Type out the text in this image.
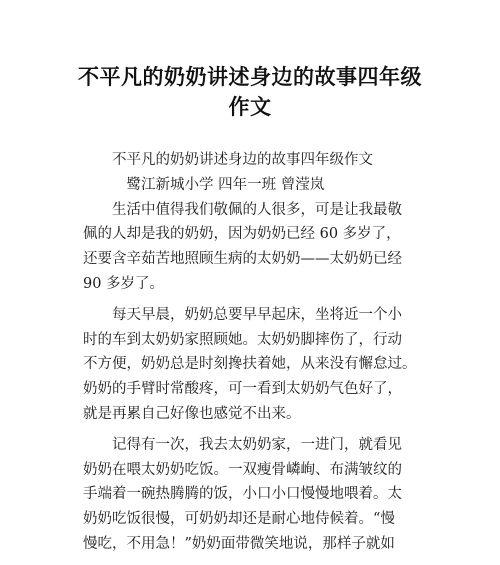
不平凡的奶奶讲述身边的故事四年级
作文
　　不平凡的奶奶讲述身边的故事四年级作文
　　　鹭江新城小学 四年一班 曾滢岚
　　生活中值得我们敬佩的人很多，可是让我最敬
佩的人却是我的奶奶，因为奶奶已经 60 多岁了，
还要含辛茹苦地照顾生病的太奶奶——太奶奶已经
90 多岁了。
　　每天早晨，奶奶总要早早起床，坐将近一个小
时的车到太奶奶家照顾她。太奶奶脚摔伤了，行动
不方便，奶奶总是时刻搀扶着她，从来没有懈怠过。
奶奶的手臂时常酸疼，可一看到太奶奶气色好了，
就是再累自己好像也感觉不出来。
　　记得有一次，我去太奶奶家，一进门，就看见
奶奶在喂太奶奶吃饭。一双瘦骨嶙峋、布满皱纹的
手端着一碗热腾腾的饭，小口小口慢慢地喂着。太
奶奶吃饭很慢，可奶奶却还是耐心地侍候着。“慢
慢吃，不用急！”奶奶面带微笑地说，那样子就如
